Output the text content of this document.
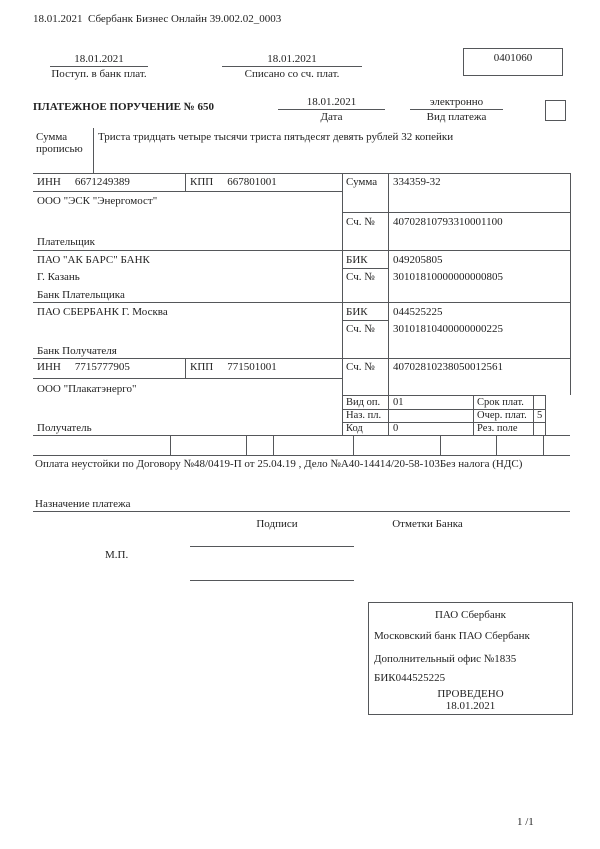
18.01.2021  Сбербанк Бизнес Онлайн 39.002.02_0003
18.01.2021
Поступ. в банк плат.
18.01.2021
Списано со сч. плат.
0401060
ПЛАТЕЖНОЕ ПОРУЧЕНИЕ № 650	18.01.2021
Дата
электронно
Вид платежа
Сумма прописью
Триста тридцать четыре тысячи триста пятьдесят девять рублей 32 копейки
ИНН 6671249389	КПП 667801001	Сумма 334359-32
ООО "ЭСК "Энергомост"
Сч. № 40702810793310001100
Плательщик
ПАО "АК БАРС" БАНК
Г. Казань
БИК 049205805
Сч. № 30101810000000000805
Банк Плательщика
ПАО СБЕРБАНК Г. Москва	БИК 044525225
Сч. № 30101810400000000225
Банк Получателя
ИНН 7715777905	КПП 771501001	Сч. № 40702810238050012561
ООО "Плакатэнерго"
Получатель
Вид оп. 01	Срок плат.
Наз. пл.	Очер. плат. 5
Код	0	Рез. поле
Оплата неустойки по Договору №48/0419-П от 25.04.19 , Дело №А40-14414/20-58-103Без налога (НДС)
Назначение платежа
Подписи	Отметки Банка
М.П.
ПАО Сбербанк
Московский банк ПАО Сбербанк
Дополнительный офис №1835
БИК044525225
ПРОВЕДЕНО
18.01.2021
1 /1
